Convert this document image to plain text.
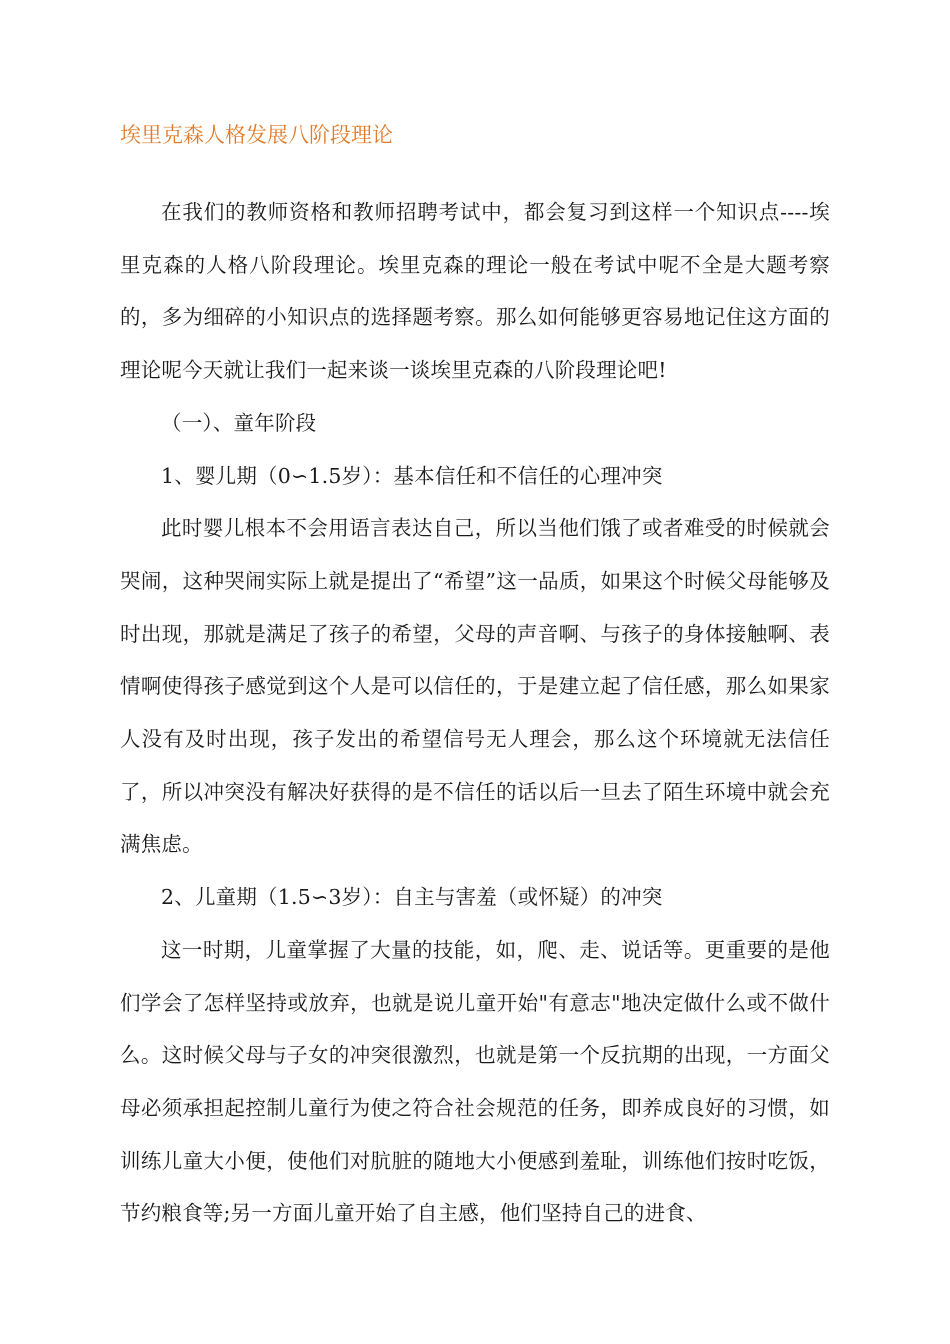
埃里克森人格发展八阶段理论

在我们的教师资格和教师招聘考试中，都会复习到这样一个知识点----埃里克森的人格八阶段理论。埃里克森的理论一般在考试中呢不全是大题考察的，多为细碎的小知识点的选择题考察。那么如何能够更容易地记住这方面的理论呢今天就让我们一起来谈一谈埃里克森的八阶段理论吧!

（一）、童年阶段

1、婴儿期（0∽1.5岁）：基本信任和不信任的心理冲突

此时婴儿根本不会用语言表达自己，所以当他们饿了或者难受的时候就会哭闹，这种哭闹实际上就是提出了“希望”这一品质，如果这个时候父母能够及时出现，那就是满足了孩子的希望，父母的声音啊、与孩子的身体接触啊、表情啊使得孩子感觉到这个人是可以信任的，于是建立起了信任感，那么如果家人没有及时出现，孩子发出的希望信号无人理会，那么这个环境就无法信任了，所以冲突没有解决好获得的是不信任的话以后一旦去了陌生环境中就会充满焦虑。

2、儿童期（1.5∽3岁）：自主与害羞（或怀疑）的冲突

这一时期，儿童掌握了大量的技能，如，爬、走、说话等。更重要的是他们学会了怎样坚持或放弃，也就是说儿童开始"有意志"地决定做什么或不做什么。这时候父母与子女的冲突很激烈，也就是第一个反抗期的出现，一方面父母必须承担起控制儿童行为使之符合社会规范的任务，即养成良好的习惯，如训练儿童大小便，使他们对肮脏的随地大小便感到羞耻，训练他们按时吃饭，节约粮食等;另一方面儿童开始了自主感，他们坚持自己的进食、
